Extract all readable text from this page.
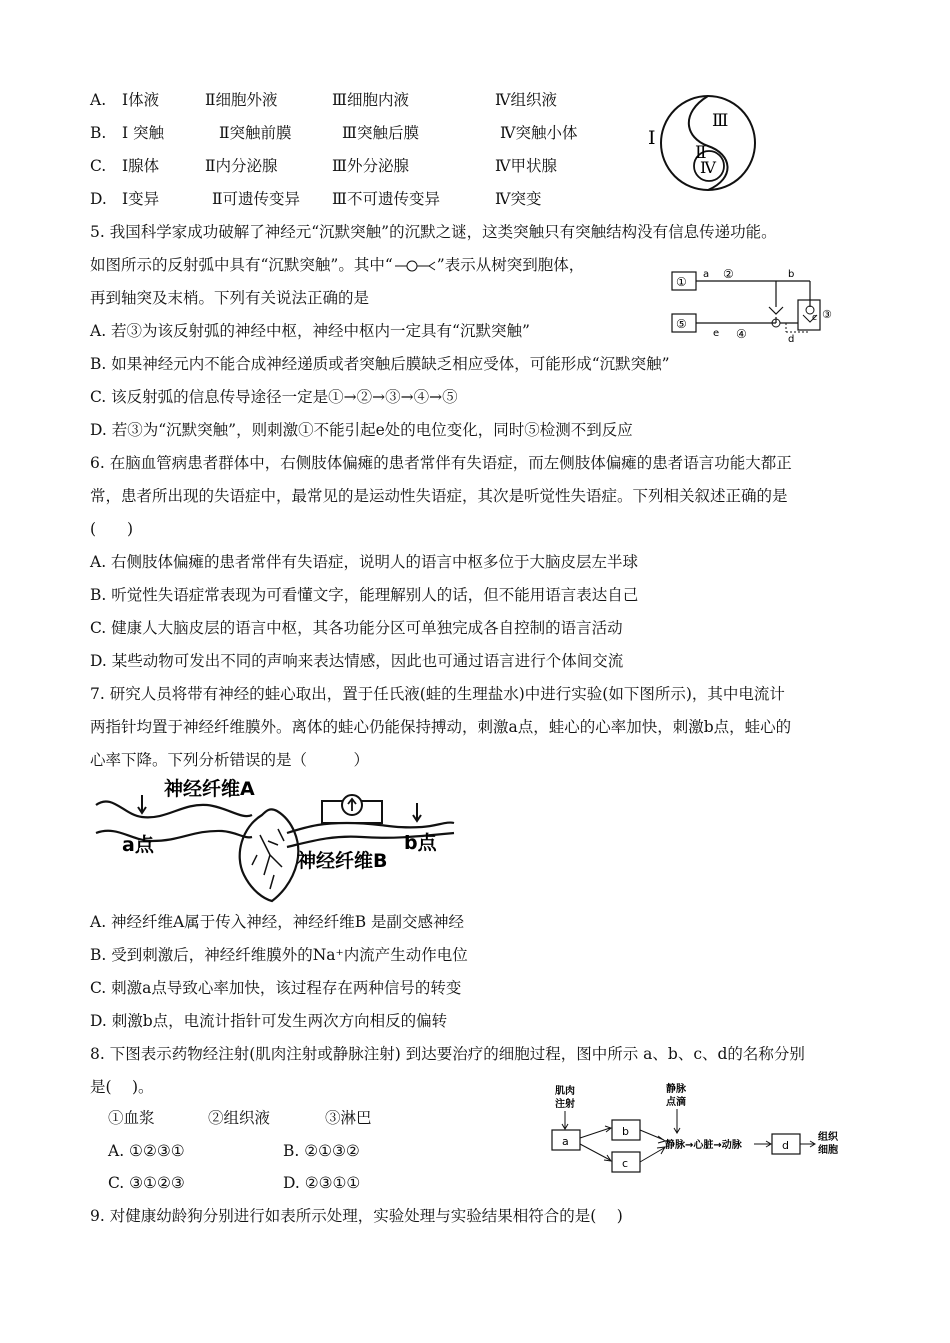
A. Ⅰ体液	Ⅱ细胞外液	Ⅲ细胞内液	Ⅳ组织液
B. Ⅰ 突触	Ⅱ突触前膜	Ⅲ突触后膜	Ⅳ突触小体
C. Ⅰ腺体	Ⅱ内分泌腺	Ⅲ外分泌腺	Ⅳ甲状腺
D. Ⅰ变异	Ⅱ可遗传变异 Ⅲ不可遗传变异	Ⅳ突变
Ⅰ
Ⅱ
Ⅲ
Ⅳ
5. 我国科学家成功破解了神经元“沉默突触”的沉默之谜，这类突触只有突触结构没有信息传递功能。
如图所示的反射弧中具有“沉默突触”。其中“	”表示从树突到胞体，
再到轴突及末梢。下列有关说法正确的是
①
⑤
a ②	b
c ③
d
e ④
A. 若③为该反射弧的神经中枢，神经中枢内一定具有“沉默突触”
B. 如果神经元内不能合成神经递质或者突触后膜缺乏相应受体，可能形成“沉默突触”
C. 该反射弧的信息传导途径一定是①→②→③→④→⑤
D. 若③为“沉默突触”，则刺激①不能引起e处的电位变化，同时⑤检测不到反应
6. 在脑血管病患者群体中，右侧肢体偏瘫的患者常伴有失语症，而左侧肢体偏瘫的患者语言功能大都正
常，患者所出现的失语症中，最常见的是运动性失语症，其次是听觉性失语症。下列相关叙述正确的是
(　　)
A. 右侧肢体偏瘫的患者常伴有失语症，说明人的语言中枢多位于大脑皮层左半球
B. 听觉性失语症常表现为可看懂文字，能理解别人的话，但不能用语言表达自己
C. 健康人大脑皮层的语言中枢，其各功能分区可单独完成各自控制的语言活动
D. 某些动物可发出不同的声响来表达情感，因此也可通过语言进行个体间交流
7. 研究人员将带有神经的蛙心取出，置于任氏液(蛙的生理盐水)中进行实验(如下图所示)，其中电流计
两指针均置于神经纤维膜外。离体的蛙心仍能保持搏动，刺激a点，蛙心的心率加快，刺激b点，蛙心的
心率下降。下列分析错误的是（　　　）
神经纤维A
神经纤维B
a点	b点
A. 神经纤维A属于传入神经，神经纤维B 是副交感神经
B. 受到刺激后，神经纤维膜外的Na⁺内流产生动作电位
C. 刺激a点导致心率加快，该过程存在两种信号的转变
D. 刺激b点，电流计指针可发生两次方向相反的偏转
8. 下图表示药物经注射(肌肉注射或静脉注射) 到达要治疗的细胞过程，图中所示 a、b、c、d的名称分别
是(　 )。
①血浆	②组织液	③淋巴
A. ①②③①	B. ②①③②
C. ③①②③	D. ②③①①
肌肉
注射
a
b
c
静脉
点滴
静脉→心脏→动脉	d
组织
细胞
9. 对健康幼龄狗分别进行如表所示处理，实验处理与实验结果相符合的是(　 )
